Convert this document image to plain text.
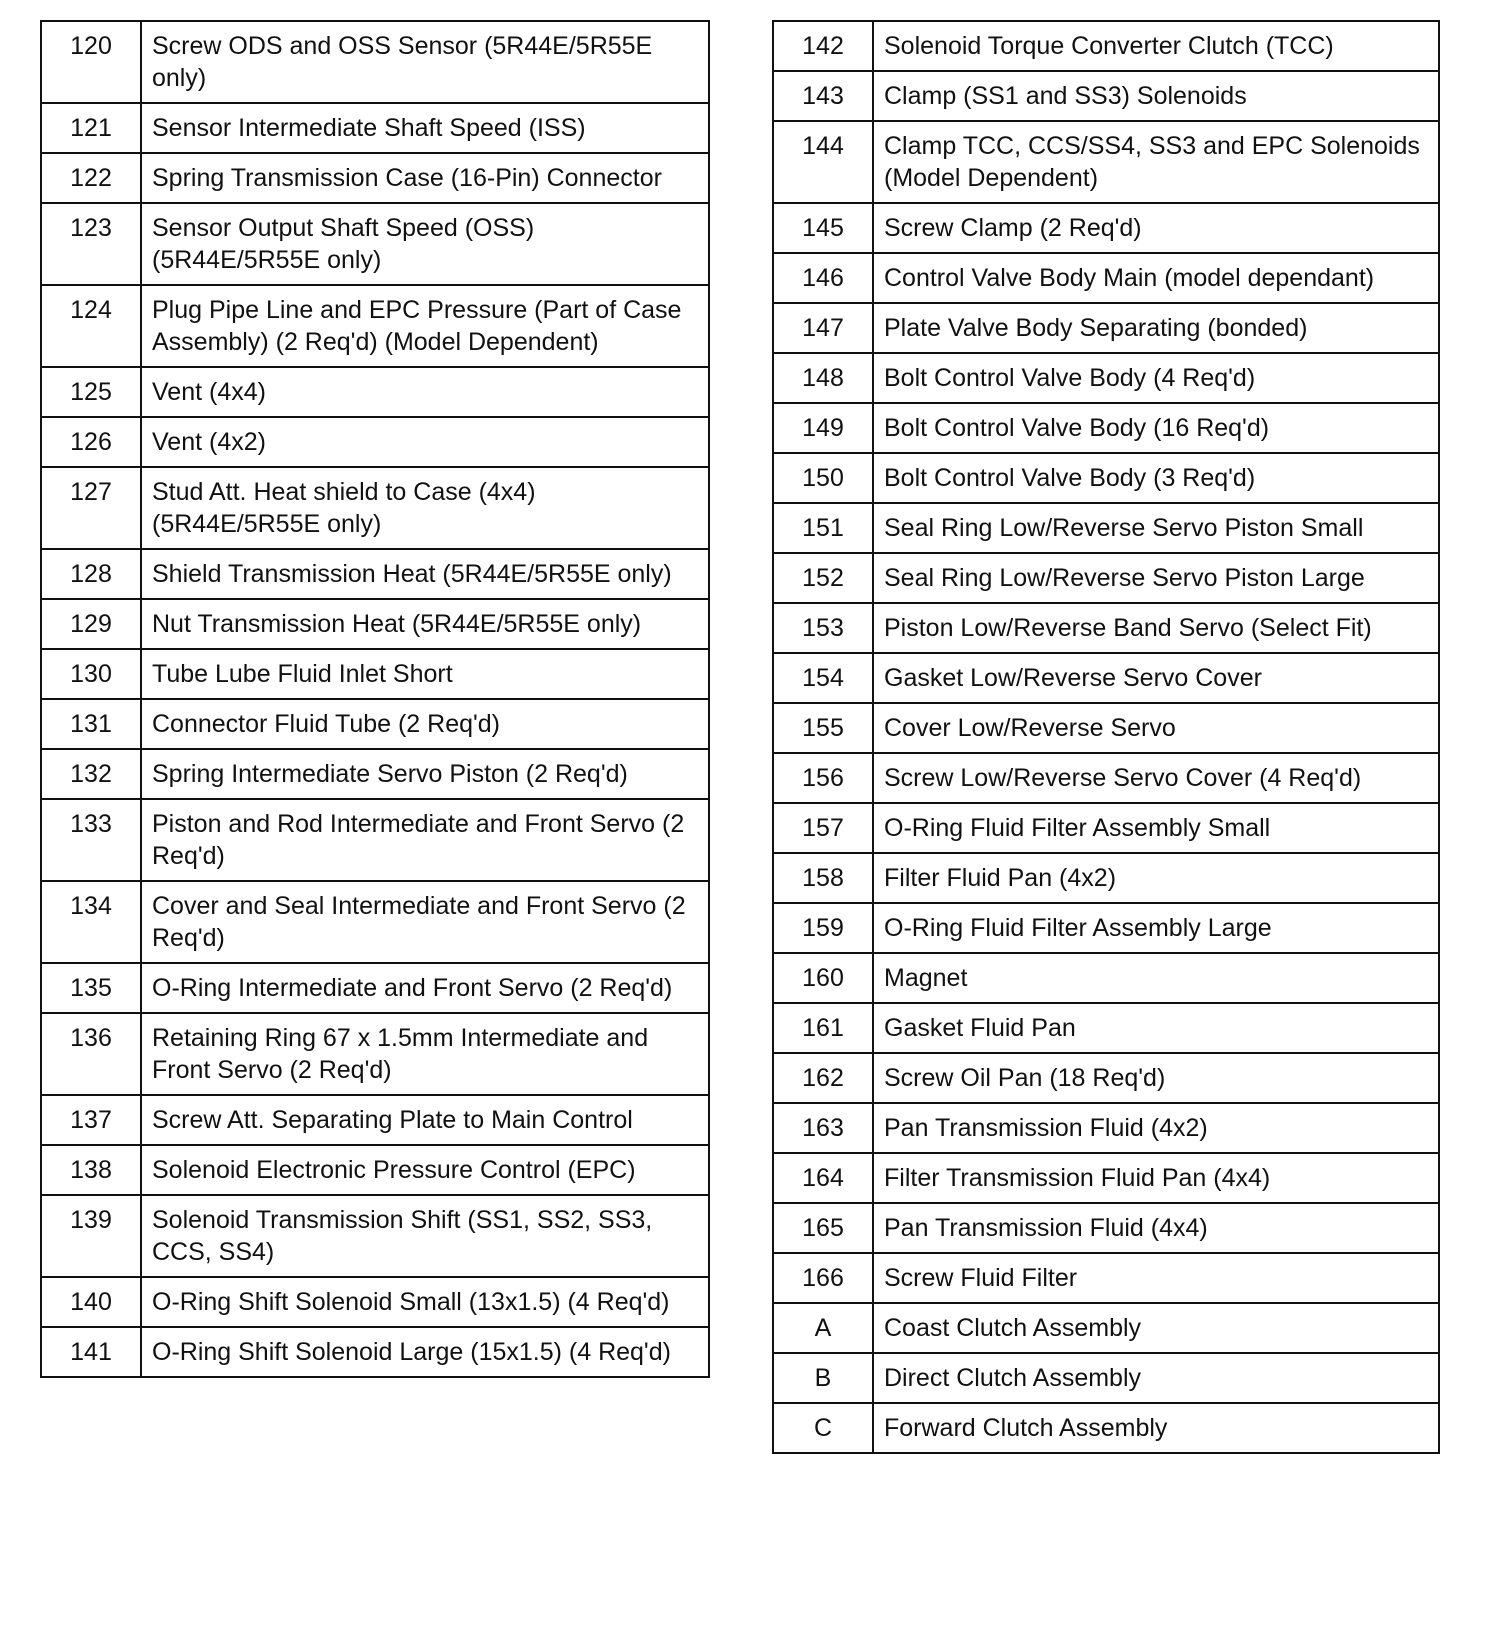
120	Screw ODS and OSS Sensor (5R44E/5R55E only)
121	Sensor Intermediate Shaft Speed (ISS)
122	Spring Transmission Case (16-Pin) Connector
123	Sensor Output Shaft Speed (OSS) (5R44E/5R55E only)
124	Plug Pipe Line and EPC Pressure (Part of Case Assembly) (2 Req'd) (Model Dependent)
125	Vent (4x4)
126	Vent (4x2)
127	Stud Att. Heat shield to Case (4x4) (5R44E/5R55E only)
128	Shield Transmission Heat (5R44E/5R55E only)
129	Nut Transmission Heat (5R44E/5R55E only)
130	Tube Lube Fluid Inlet Short
131	Connector Fluid Tube (2 Req'd)
132	Spring Intermediate Servo Piston (2 Req'd)
133	Piston and Rod Intermediate and Front Servo (2 Req'd)
134	Cover and Seal Intermediate and Front Servo (2 Req'd)
135	O-Ring Intermediate and Front Servo (2 Req'd)
136	Retaining Ring 67 x 1.5mm Intermediate and Front Servo (2 Req'd)
137	Screw Att. Separating Plate to Main Control
138	Solenoid Electronic Pressure Control (EPC)
139	Solenoid Transmission Shift (SS1, SS2, SS3, CCS, SS4)
140	O-Ring Shift Solenoid Small (13x1.5) (4 Req'd)
141	O-Ring Shift Solenoid Large (15x1.5) (4 Req'd)
142	Solenoid Torque Converter Clutch (TCC)
143	Clamp (SS1 and SS3) Solenoids
144	Clamp TCC, CCS/SS4, SS3 and EPC Solenoids (Model Dependent)
145	Screw Clamp (2 Req'd)
146	Control Valve Body Main (model dependant)
147	Plate Valve Body Separating (bonded)
148	Bolt Control Valve Body (4 Req'd)
149	Bolt Control Valve Body (16 Req'd)
150	Bolt Control Valve Body (3 Req'd)
151	Seal Ring Low/Reverse Servo Piston Small
152	Seal Ring Low/Reverse Servo Piston Large
153	Piston Low/Reverse Band Servo (Select Fit)
154	Gasket Low/Reverse Servo Cover
155	Cover Low/Reverse Servo
156	Screw Low/Reverse Servo Cover (4 Req'd)
157	O-Ring Fluid Filter Assembly Small
158	Filter Fluid Pan (4x2)
159	O-Ring Fluid Filter Assembly Large
160	Magnet
161	Gasket Fluid Pan
162	Screw Oil Pan (18 Req'd)
163	Pan Transmission Fluid (4x2)
164	Filter Transmission Fluid Pan (4x4)
165	Pan Transmission Fluid (4x4)
166	Screw Fluid Filter
A	Coast Clutch Assembly
B	Direct Clutch Assembly
C	Forward Clutch Assembly
